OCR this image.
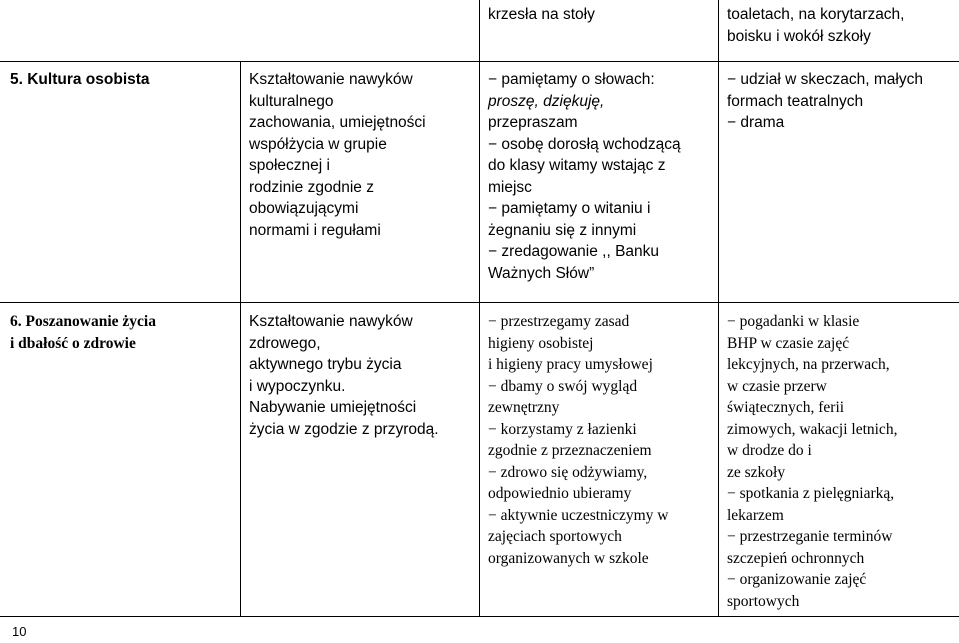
krzesła na stoły	toaletach, na korytarzach,
boisku i wokół szkoły
5. Kultura osobista	Kształtowanie nawyków
kulturalnego
zachowania, umiejętności
współżycia w grupie
społecznej i
rodzinie zgodnie z
obowiązującymi
normami i regułami
− pamiętamy o słowach:
proszę, dziękuję,
przepraszam
− osobę dorosłą wchodzącą
do klasy witamy wstając z
miejsc
− pamiętamy o witaniu i
żegnaniu się z innymi
− zredagowanie ,, Banku
Ważnych Słów”
− udział w skeczach, małych
formach teatralnych
− drama
6. Poszanowanie życia
i dbałość o zdrowie
Kształtowanie nawyków
zdrowego,
aktywnego trybu życia
i wypoczynku.
Nabywanie umiejętności
życia w zgodzie z przyrodą.
− przestrzegamy zasad
higieny osobistej
i higieny pracy umysłowej
− dbamy o swój wygląd
zewnętrzny
− korzystamy z łazienki
zgodnie z przeznaczeniem
− zdrowo się odżywiamy,
odpowiednio ubieramy
− aktywnie uczestniczymy w
zajęciach sportowych
organizowanych w szkole
− pogadanki w klasie
BHP w czasie zajęć
lekcyjnych, na przerwach,
w czasie przerw
świątecznych, ferii
zimowych, wakacji letnich,
w drodze do i
ze szkoły
− spotkania z pielęgniarką,
lekarzem
− przestrzeganie terminów
szczepień ochronnych
− organizowanie zajęć
sportowych
10
